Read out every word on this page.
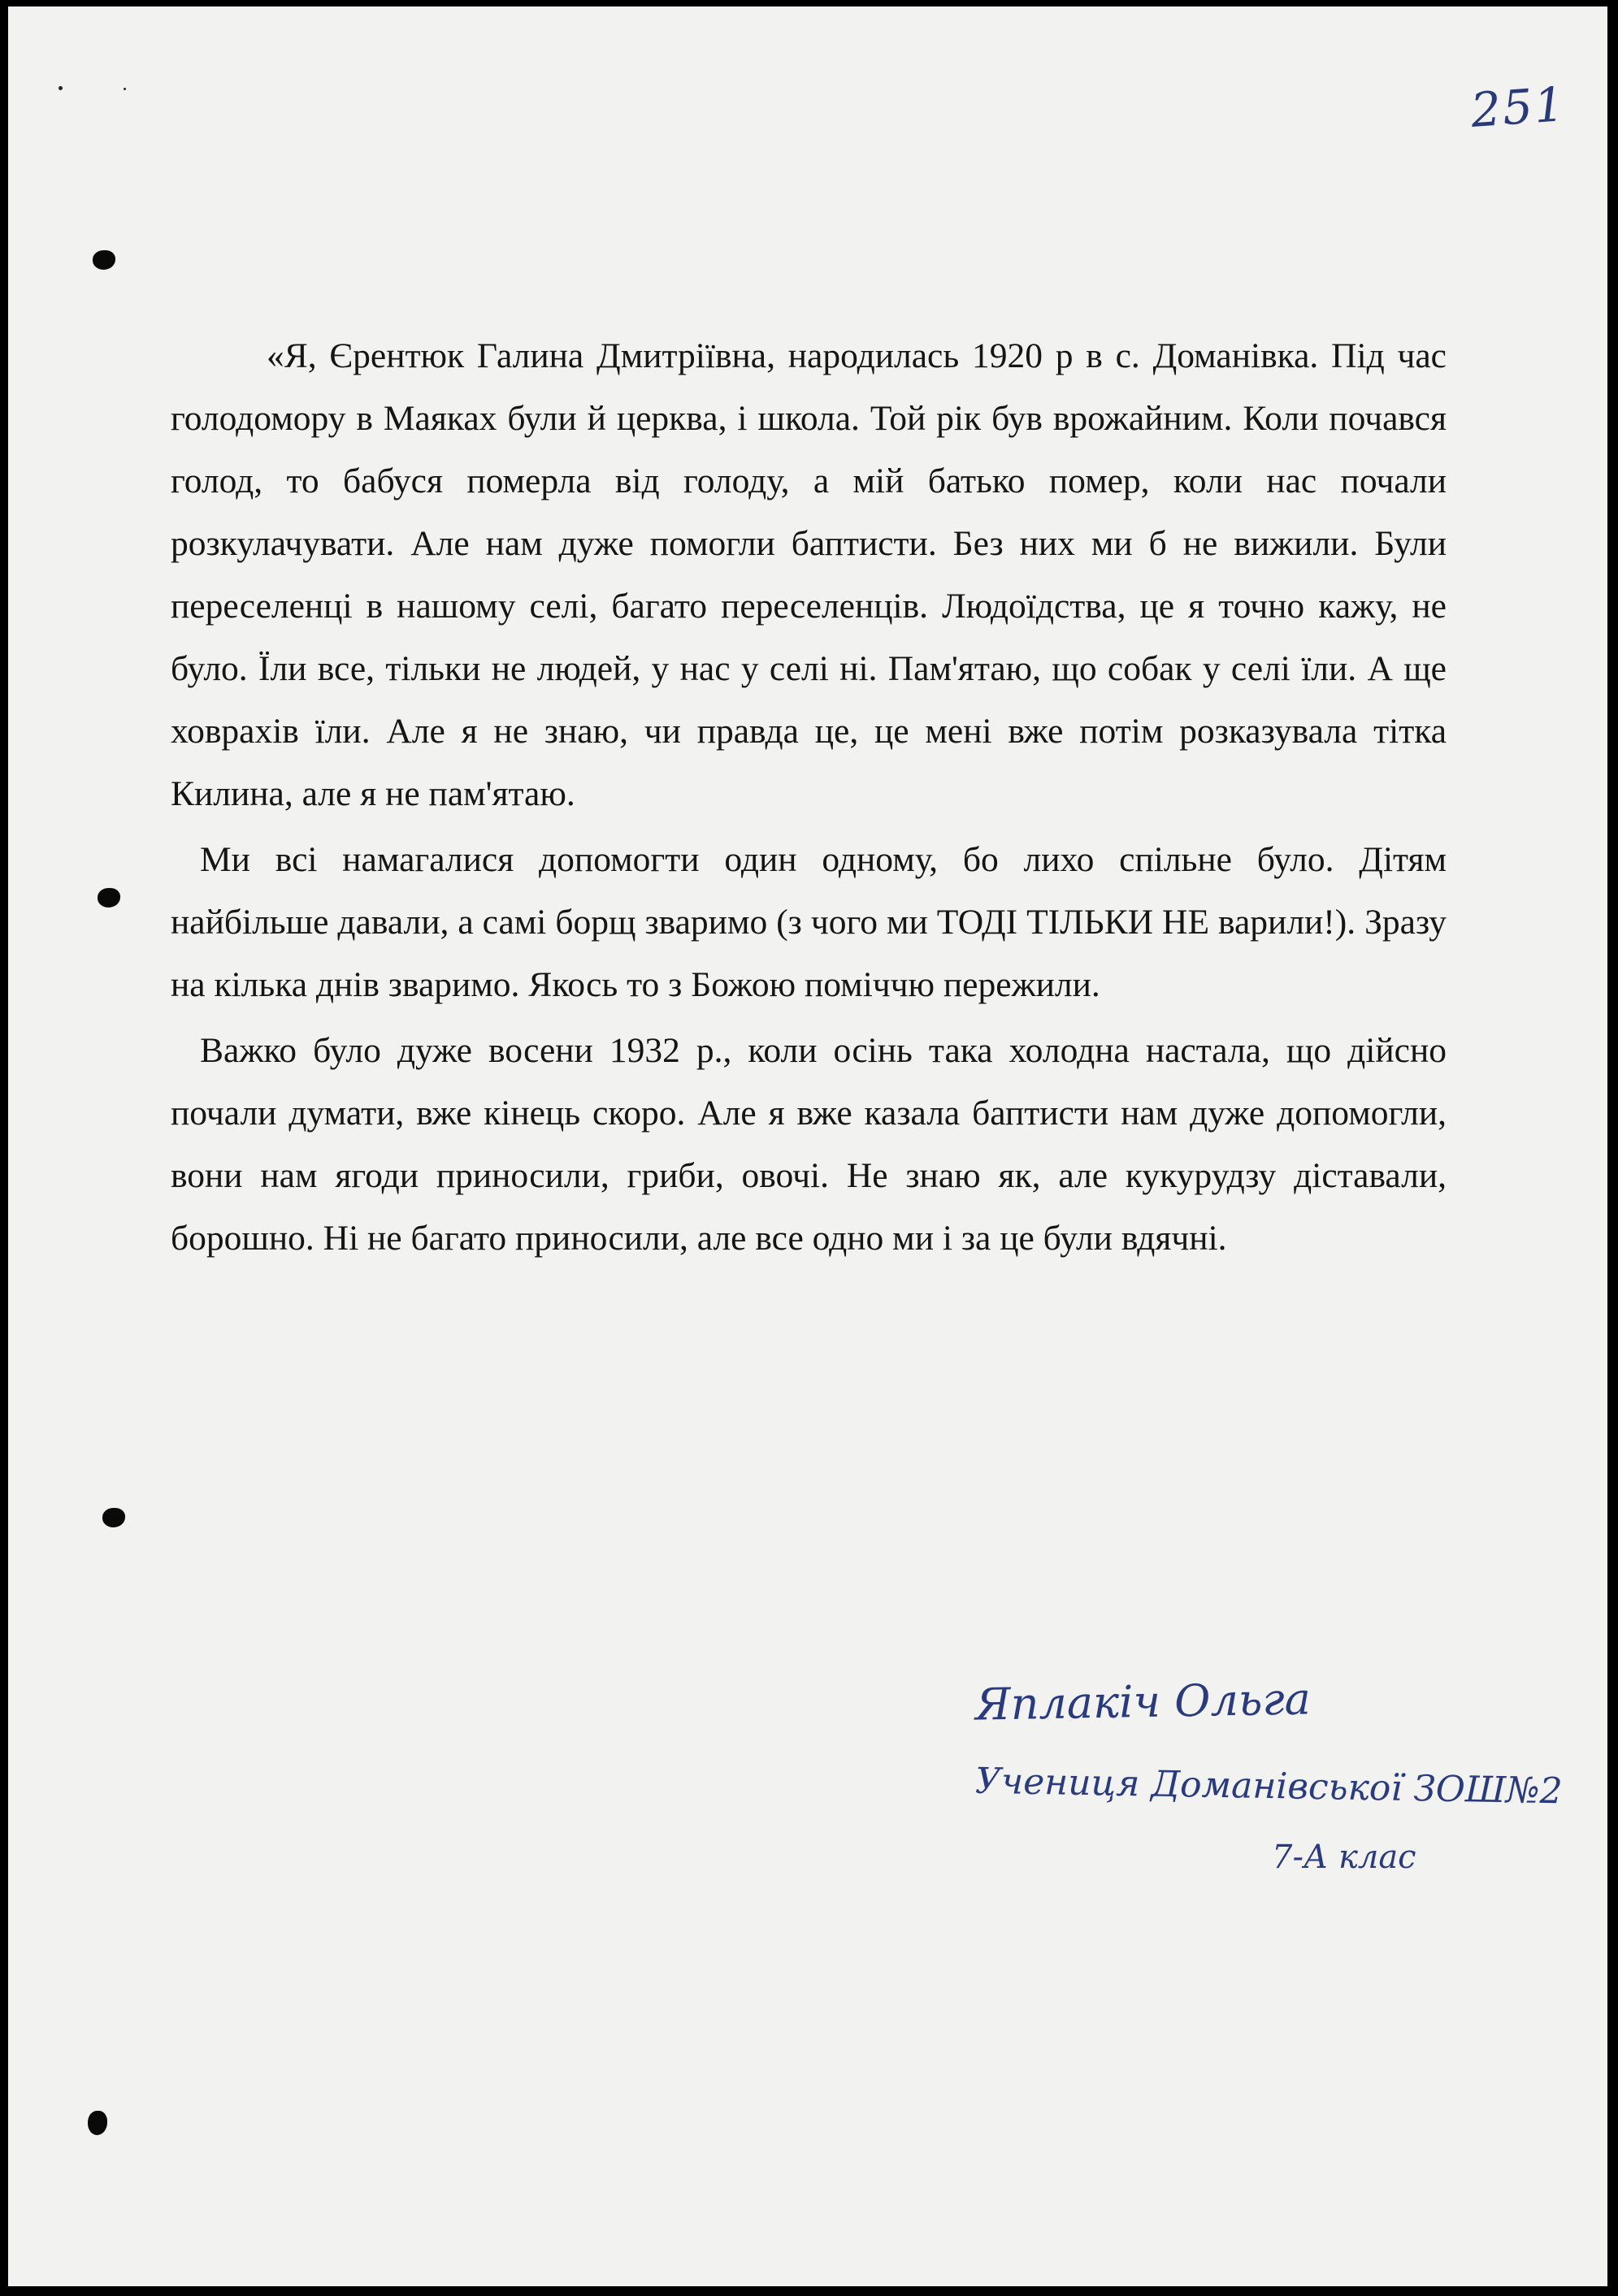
251

«Я, Єрентюк Галина Дмитріївна, народилась 1920 р в с. Доманівка. Під час голодомору в Маяках були й церква, і школа. Той рік був врожайним. Коли почався голод, то бабуся померла від голоду, а мій батько помер, коли нас почали розкулачувати. Але нам дуже помогли баптисти. Без них ми б не вижили. Були переселенці в нашому селі, багато переселенців. Людоїдства, це я точно кажу, не було. Їли все, тільки не людей, у нас у селі ні. Пам'ятаю, що собак у селі їли. А ще ховрахів їли. Але я не знаю, чи правда це, це мені вже потім розказувала тітка Килина, але я не пам'ятаю.

Ми всі намагалися допомогти один одному, бо лихо спільне було. Дітям найбільше давали, а самі борщ зваримо (з чого ми ТОДІ ТІЛЬКИ НЕ варили!). Зразу на кілька днів зваримо. Якось то з Божою поміччю пережили.

Важко було дуже восени 1932 р., коли осінь така холодна настала, що дійсно почали думати, вже кінець скоро. Але я вже казала баптисти нам дуже допомогли, вони нам ягоди приносили, гриби, овочі. Не знаю як, але кукурудзу діставали, борошно. Ні не багато приносили, але все одно ми і за це були вдячні.

Яплакіч Ольга

Учениця Доманівської ЗОШ№2

7-А клас
